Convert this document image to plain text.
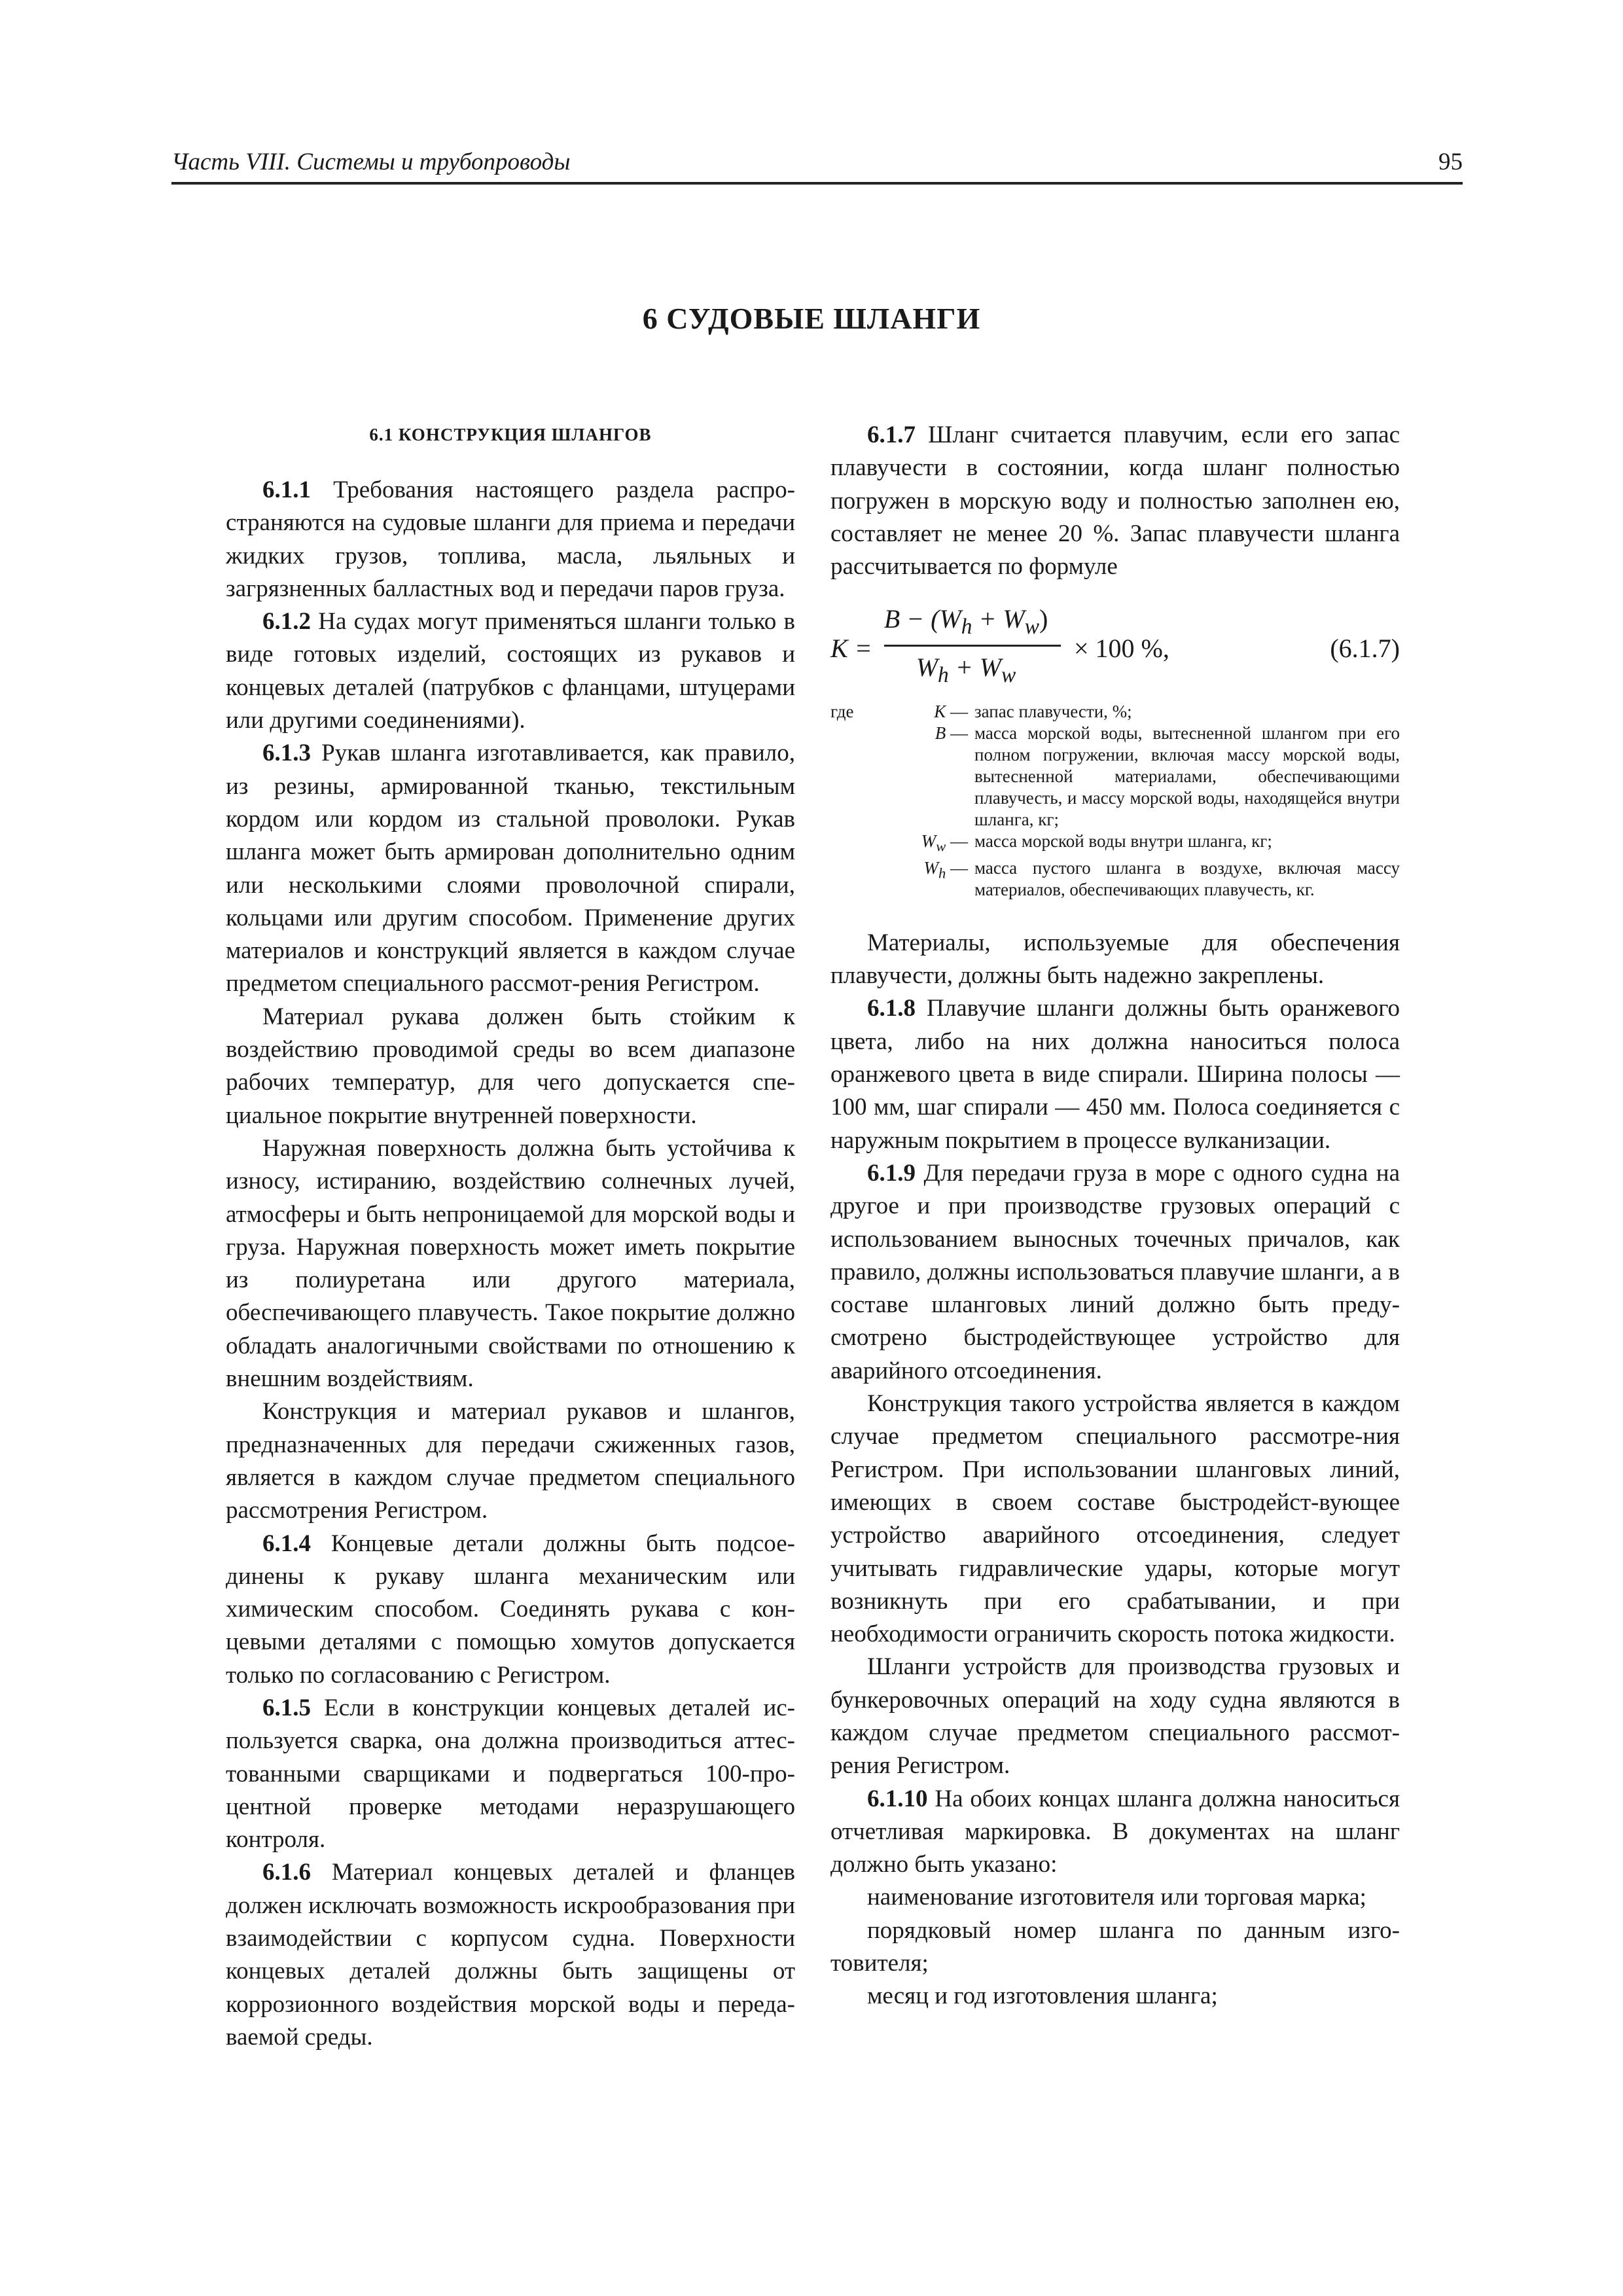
Часть VIII. Системы и трубопроводы	95
6 СУДОВЫЕ ШЛАНГИ
6.1 КОНСТРУКЦИЯ ШЛАНГОВ

6.1.1 Требования настоящего раздела распро-страняются на судовые шланги для приема и передачи жидких грузов, топлива, масла, льяльных и загрязненных балластных вод и передачи паров груза.

6.1.2 На судах могут применяться шланги только в виде готовых изделий, состоящих из рукавов и концевых деталей (патрубков с фланцами, штуцерами или другими соединениями).

6.1.3 Рукав шланга изготавливается, как правило, из резины, армированной тканью, текстильным кордом или кордом из стальной проволоки. Рукав шланга может быть армирован дополнительно одним или несколькими слоями проволочной спирали, кольцами или другим способом. Применение других материалов и конструкций является в каждом случае предметом специального рассмот-рения Регистром.

Материал рукава должен быть стойким к воздействию проводимой среды во всем диапазоне рабочих температур, для чего допускается спе-циальное покрытие внутренней поверхности.

Наружная поверхность должна быть устойчива к износу, истиранию, воздействию солнечных лучей, атмосферы и быть непроницаемой для морской воды и груза. Наружная поверхность может иметь покрытие из полиуретана или другого материала, обеспечивающего плавучесть. Такое покрытие должно обладать аналогичными свойствами по отношению к внешним воздействиям.

Конструкция и материал рукавов и шлангов, предназначенных для передачи сжиженных газов, является в каждом случае предметом специального рассмотрения Регистром.

6.1.4 Концевые детали должны быть подсое-динены к рукаву шланга механическим или химическим способом. Соединять рукава с кон-цевыми деталями с помощью хомутов допускается только по согласованию с Регистром.

6.1.5 Если в конструкции концевых деталей ис-пользуется сварка, она должна производиться аттес-тованными сварщиками и подвергаться 100-про-центной проверке методами неразрушающего контроля.

6.1.6 Материал концевых деталей и фланцев должен исключать возможность искрообразования при взаимодействии с корпусом судна. Поверхности концевых деталей должны быть защищены от коррозионного воздействия морской воды и переда-ваемой среды.

6.1.7 Шланг считается плавучим, если его запас плавучести в состоянии, когда шланг полностью погружен в морскую воду и полностью заполнен ею, составляет не менее 20 %. Запас плавучести шланга рассчитывается по формуле

K =
$B - (W_h + W_w)$
$W_h + W_w$
× 100 %,	(6.1.7)
где	K — запас плавучести, %;
B — масса морской воды, вытесненной шлангом при его полном погружении, включая массу морской воды, вытесненной материалами, обеспечивающими плавучесть, и массу морской воды, находящейся внутри шланга, кг;
$W_w$ — масса морской воды внутри шланга, кг;
$W_h$ — масса пустого шланга в воздухе, включая массу материалов, обеспечивающих плавучесть, кг.

Материалы, используемые для обеспечения плавучести, должны быть надежно закреплены.

6.1.8 Плавучие шланги должны быть оранжевого цвета, либо на них должна наноситься полоса оранжевого цвета в виде спирали. Ширина полосы — 100 мм, шаг спирали — 450 мм. Полоса соединяется с наружным покрытием в процессе вулканизации.

6.1.9 Для передачи груза в море с одного судна на другое и при производстве грузовых операций с использованием выносных точечных причалов, как правило, должны использоваться плавучие шланги, а в составе шланговых линий должно быть преду-смотрено быстродействующее устройство для аварийного отсоединения.

Конструкция такого устройства является в каждом случае предметом специального рассмотре-ния Регистром. При использовании шланговых линий, имеющих в своем составе быстродейст-вующее устройство аварийного отсоединения, следует учитывать гидравлические удары, которые могут возникнуть при его срабатывании, и при необходимости ограничить скорость потока жидкости.

Шланги устройств для производства грузовых и бункеровочных операций на ходу судна являются в каждом случае предметом специального рассмот-рения Регистром.

6.1.10 На обоих концах шланга должна наноситься отчетливая маркировка. В документах на шланг должно быть указано:

наименование изготовителя или торговая марка;

порядковый номер шланга по данным изго-товителя;

месяц и год изготовления шланга;
